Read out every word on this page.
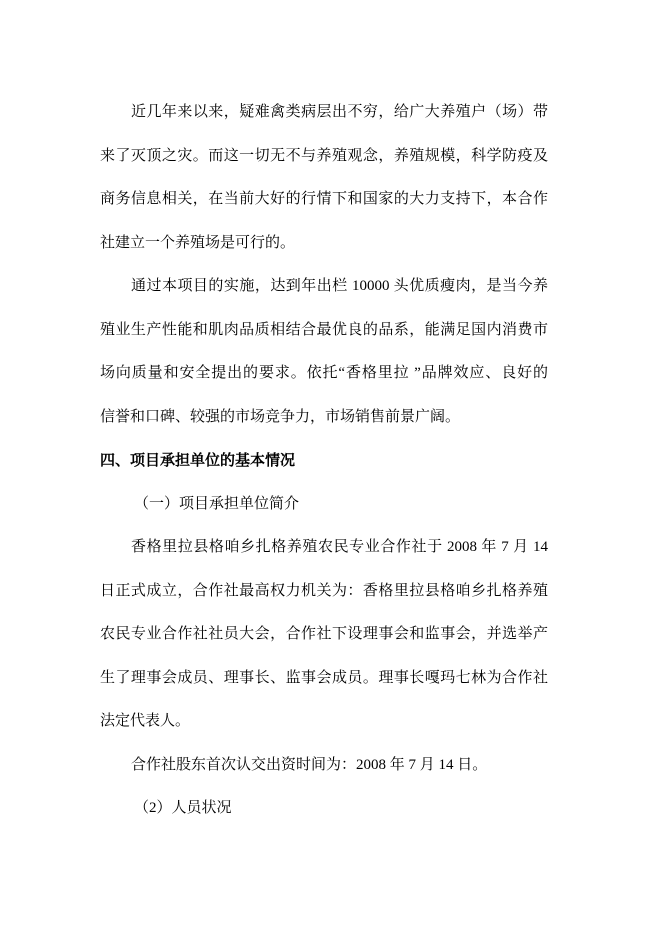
近几年来以来，疑难禽类病层出不穷，给广大养殖户（场）带
来了灭顶之灾。而这一切无不与养殖观念，养殖规模，科学防疫及
商务信息相关，在当前大好的行情下和国家的大力支持下，本合作
社建立一个养殖场是可行的。
通过本项目的实施，达到年出栏 10000 头优质瘦肉，是当今养
殖业生产性能和肌肉品质相结合最优良的品系，能满足国内消费市
场向质量和安全提出的要求。依托“香格里拉 ”品牌效应、良好的
信誉和口碑、较强的市场竞争力，市场销售前景广阔。
四、项目承担单位的基本情况
（一）项目承担单位简介
香格里拉县格咱乡扎格养殖农民专业合作社于 2008 年 7 月 14
日正式成立，合作社最高权力机关为：香格里拉县格咱乡扎格养殖
农民专业合作社社员大会，合作社下设理事会和监事会，并选举产
生了理事会成员、理事长、监事会成员。理事长嘎玛七林为合作社
法定代表人。
合作社股东首次认交出资时间为：2008 年 7 月 14 日。
（2）人员状况
